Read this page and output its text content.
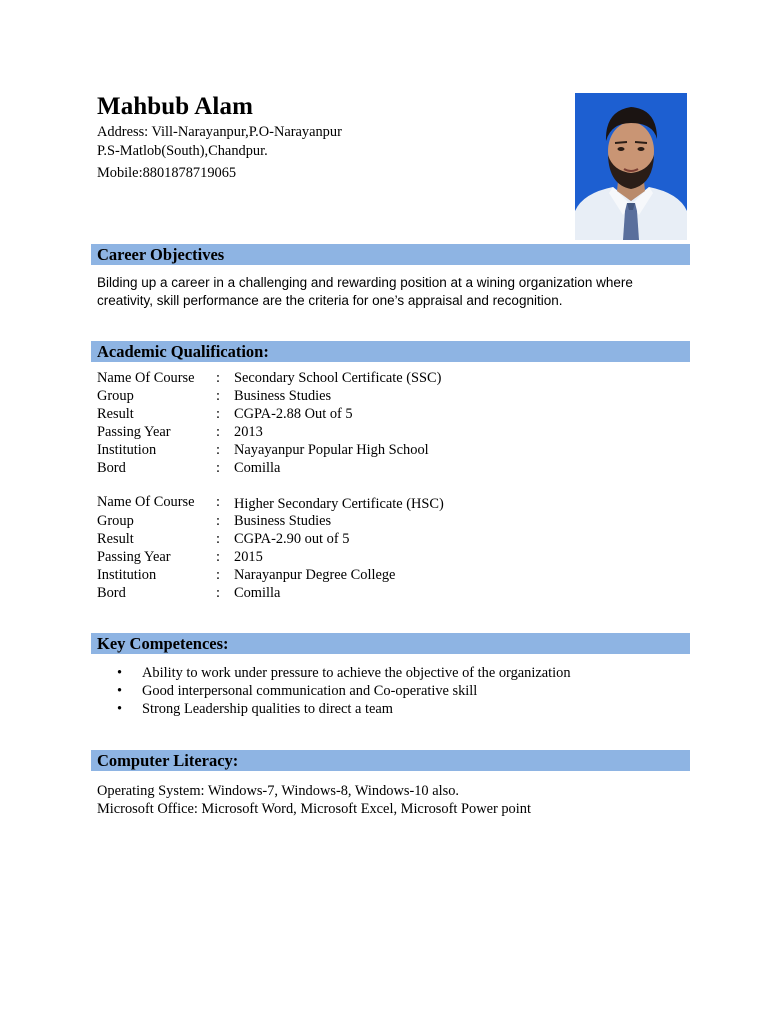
Mahbub Alam
Address: Vill-Narayanpur,P.O-Narayanpur
P.S-Matlob(South),Chandpur.
Mobile:8801878719065
Career Objectives
Bilding up a career in a challenging and rewarding position at a wining organization where
creativity, skill performance are the criteria for one’s appraisal and recognition.
Academic Qualification:
Name Of Course : Secondary School Certificate (SSC)
Group	: Business Studies
Result	: CGPA-2.88 Out of 5
Passing Year	: 2013
Institution	: Nayayanpur Popular High School
Bord	: Comilla
Name Of Course : Higher Secondary Certificate (HSC)
Group	: Business Studies
Result	: CGPA-2.90 out of 5
Passing Year	: 2015
Institution	: Narayanpur Degree College
Bord	: Comilla
Key Competences:
• Ability to work under pressure to achieve the objective of the organization
• Good interpersonal communication and Co-operative skill
• Strong Leadership qualities to direct a team
Computer Literacy:
Operating System: Windows-7, Windows-8, Windows-10 also.
Microsoft Office: Microsoft Word, Microsoft Excel, Microsoft Power point
